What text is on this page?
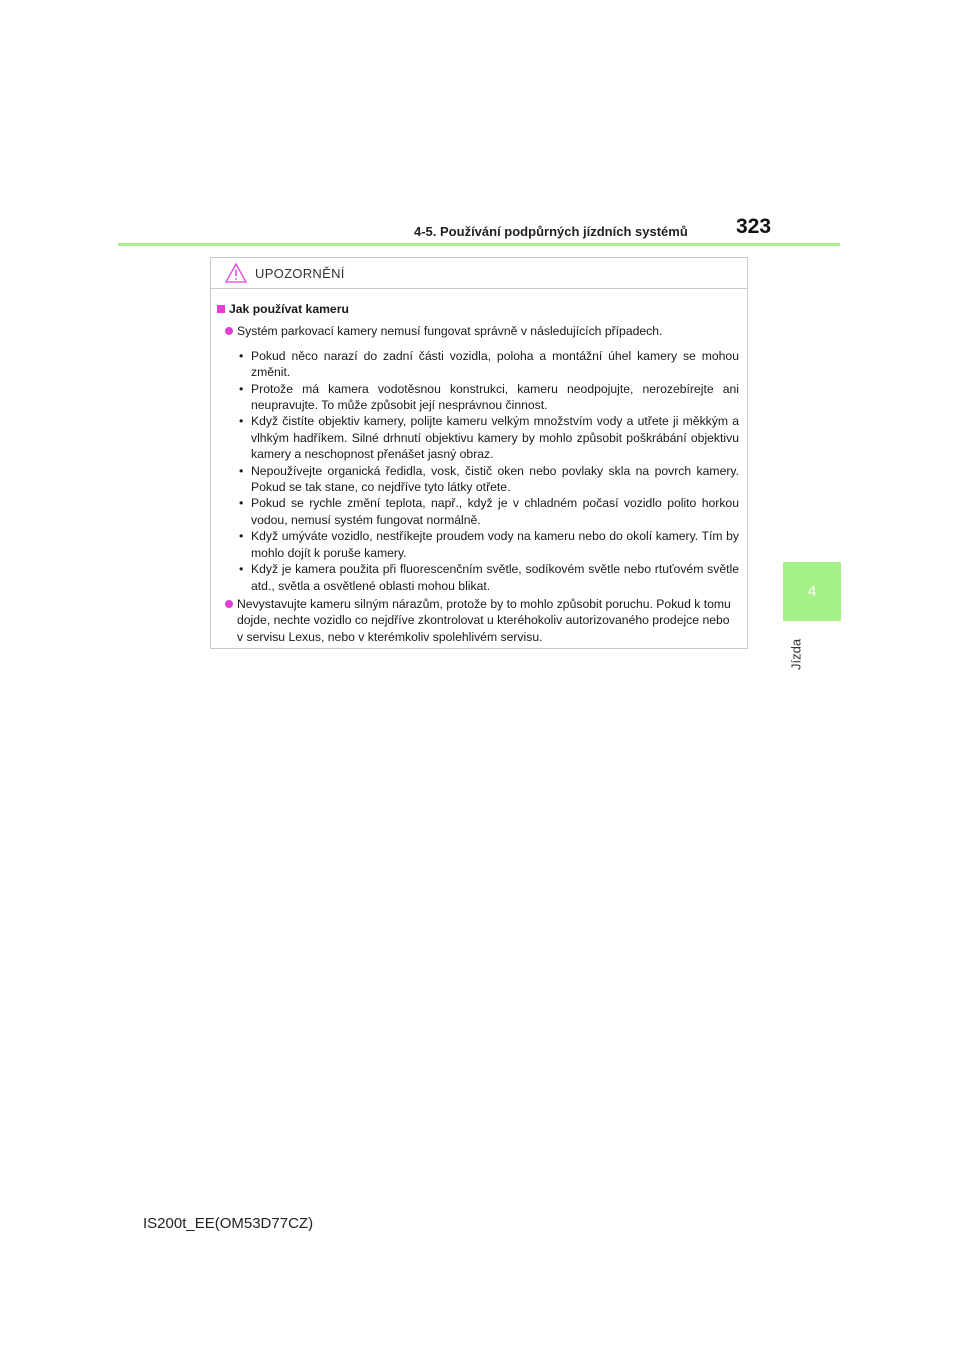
4-5. Používání podpůrných jízdních systémů 323
4
Jízda
UPOZORNĚNÍ
Jak používat kameru
Systém parkovací kamery nemusí fungovat správně v následujících případech.
• Pokud něco narazí do zadní části vozidla, poloha a montážní úhel kamery se mohou změnit.
• Protože má kamera vodotěsnou konstrukci, kameru neodpojujte, nerozebírejte ani neupravujte. To může způsobit její nesprávnou činnost.
• Když čistíte objektiv kamery, polijte kameru velkým množstvím vody a utřete ji měkkým a vlhkým hadříkem. Silné drhnutí objektivu kamery by mohlo způsobit poškrábání objektivu kamery a neschopnost přenášet jasný obraz.
• Nepoužívejte organická ředidla, vosk, čistič oken nebo povlaky skla na povrch kamery. Pokud se tak stane, co nejdříve tyto látky otřete.
• Pokud se rychle změní teplota, např., když je v chladném počasí vozidlo polito horkou vodou, nemusí systém fungovat normálně.
• Když umýváte vozidlo, nestříkejte proudem vody na kameru nebo do okolí kamery. Tím by mohlo dojít k poruše kamery.
• Když je kamera použita při fluorescenčním světle, sodíkovém světle nebo rtuťovém světle atd., světla a osvětlené oblasti mohou blikat.
Nevystavujte kameru silným nárazům, protože by to mohlo způsobit poruchu. Pokud k tomu dojde, nechte vozidlo co nejdříve zkontrolovat u kteréhokoliv autorizovaného prodejce nebo v servisu Lexus, nebo v kterémkoliv spolehlivém servisu.
IS200t_EE(OM53D77CZ)
